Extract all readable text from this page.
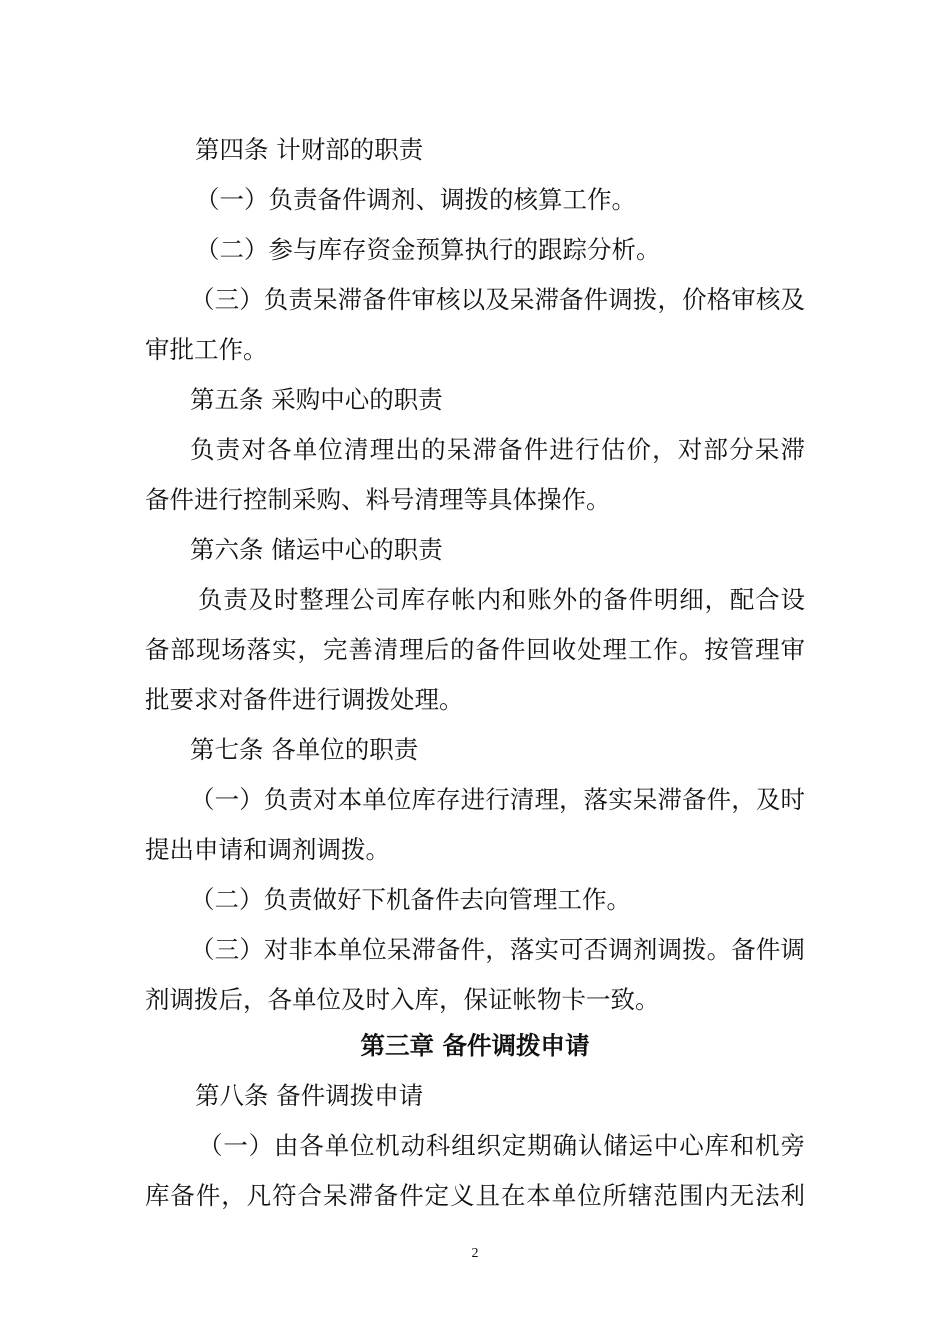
第四条 计财部的职责
（一）负责备件调剂、调拨的核算工作。
（二）参与库存资金预算执行的跟踪分析。
（三）负责呆滞备件审核以及呆滞备件调拨，价格审核及
审批工作。
第五条 采购中心的职责
负责对各单位清理出的呆滞备件进行估价，对部分呆滞
备件进行控制采购、料号清理等具体操作。
第六条 储运中心的职责
负责及时整理公司库存帐内和账外的备件明细，配合设
备部现场落实，完善清理后的备件回收处理工作。按管理审
批要求对备件进行调拨处理。
第七条 各单位的职责
（一）负责对本单位库存进行清理，落实呆滞备件，及时
提出申请和调剂调拨。
（二）负责做好下机备件去向管理工作。
（三）对非本单位呆滞备件，落实可否调剂调拨。备件调
剂调拨后，各单位及时入库，保证帐物卡一致。
第三章 备件调拨申请
第八条 备件调拨申请
（一）由各单位机动科组织定期确认储运中心库和机旁
库备件，凡符合呆滞备件定义且在本单位所辖范围内无法利
2
